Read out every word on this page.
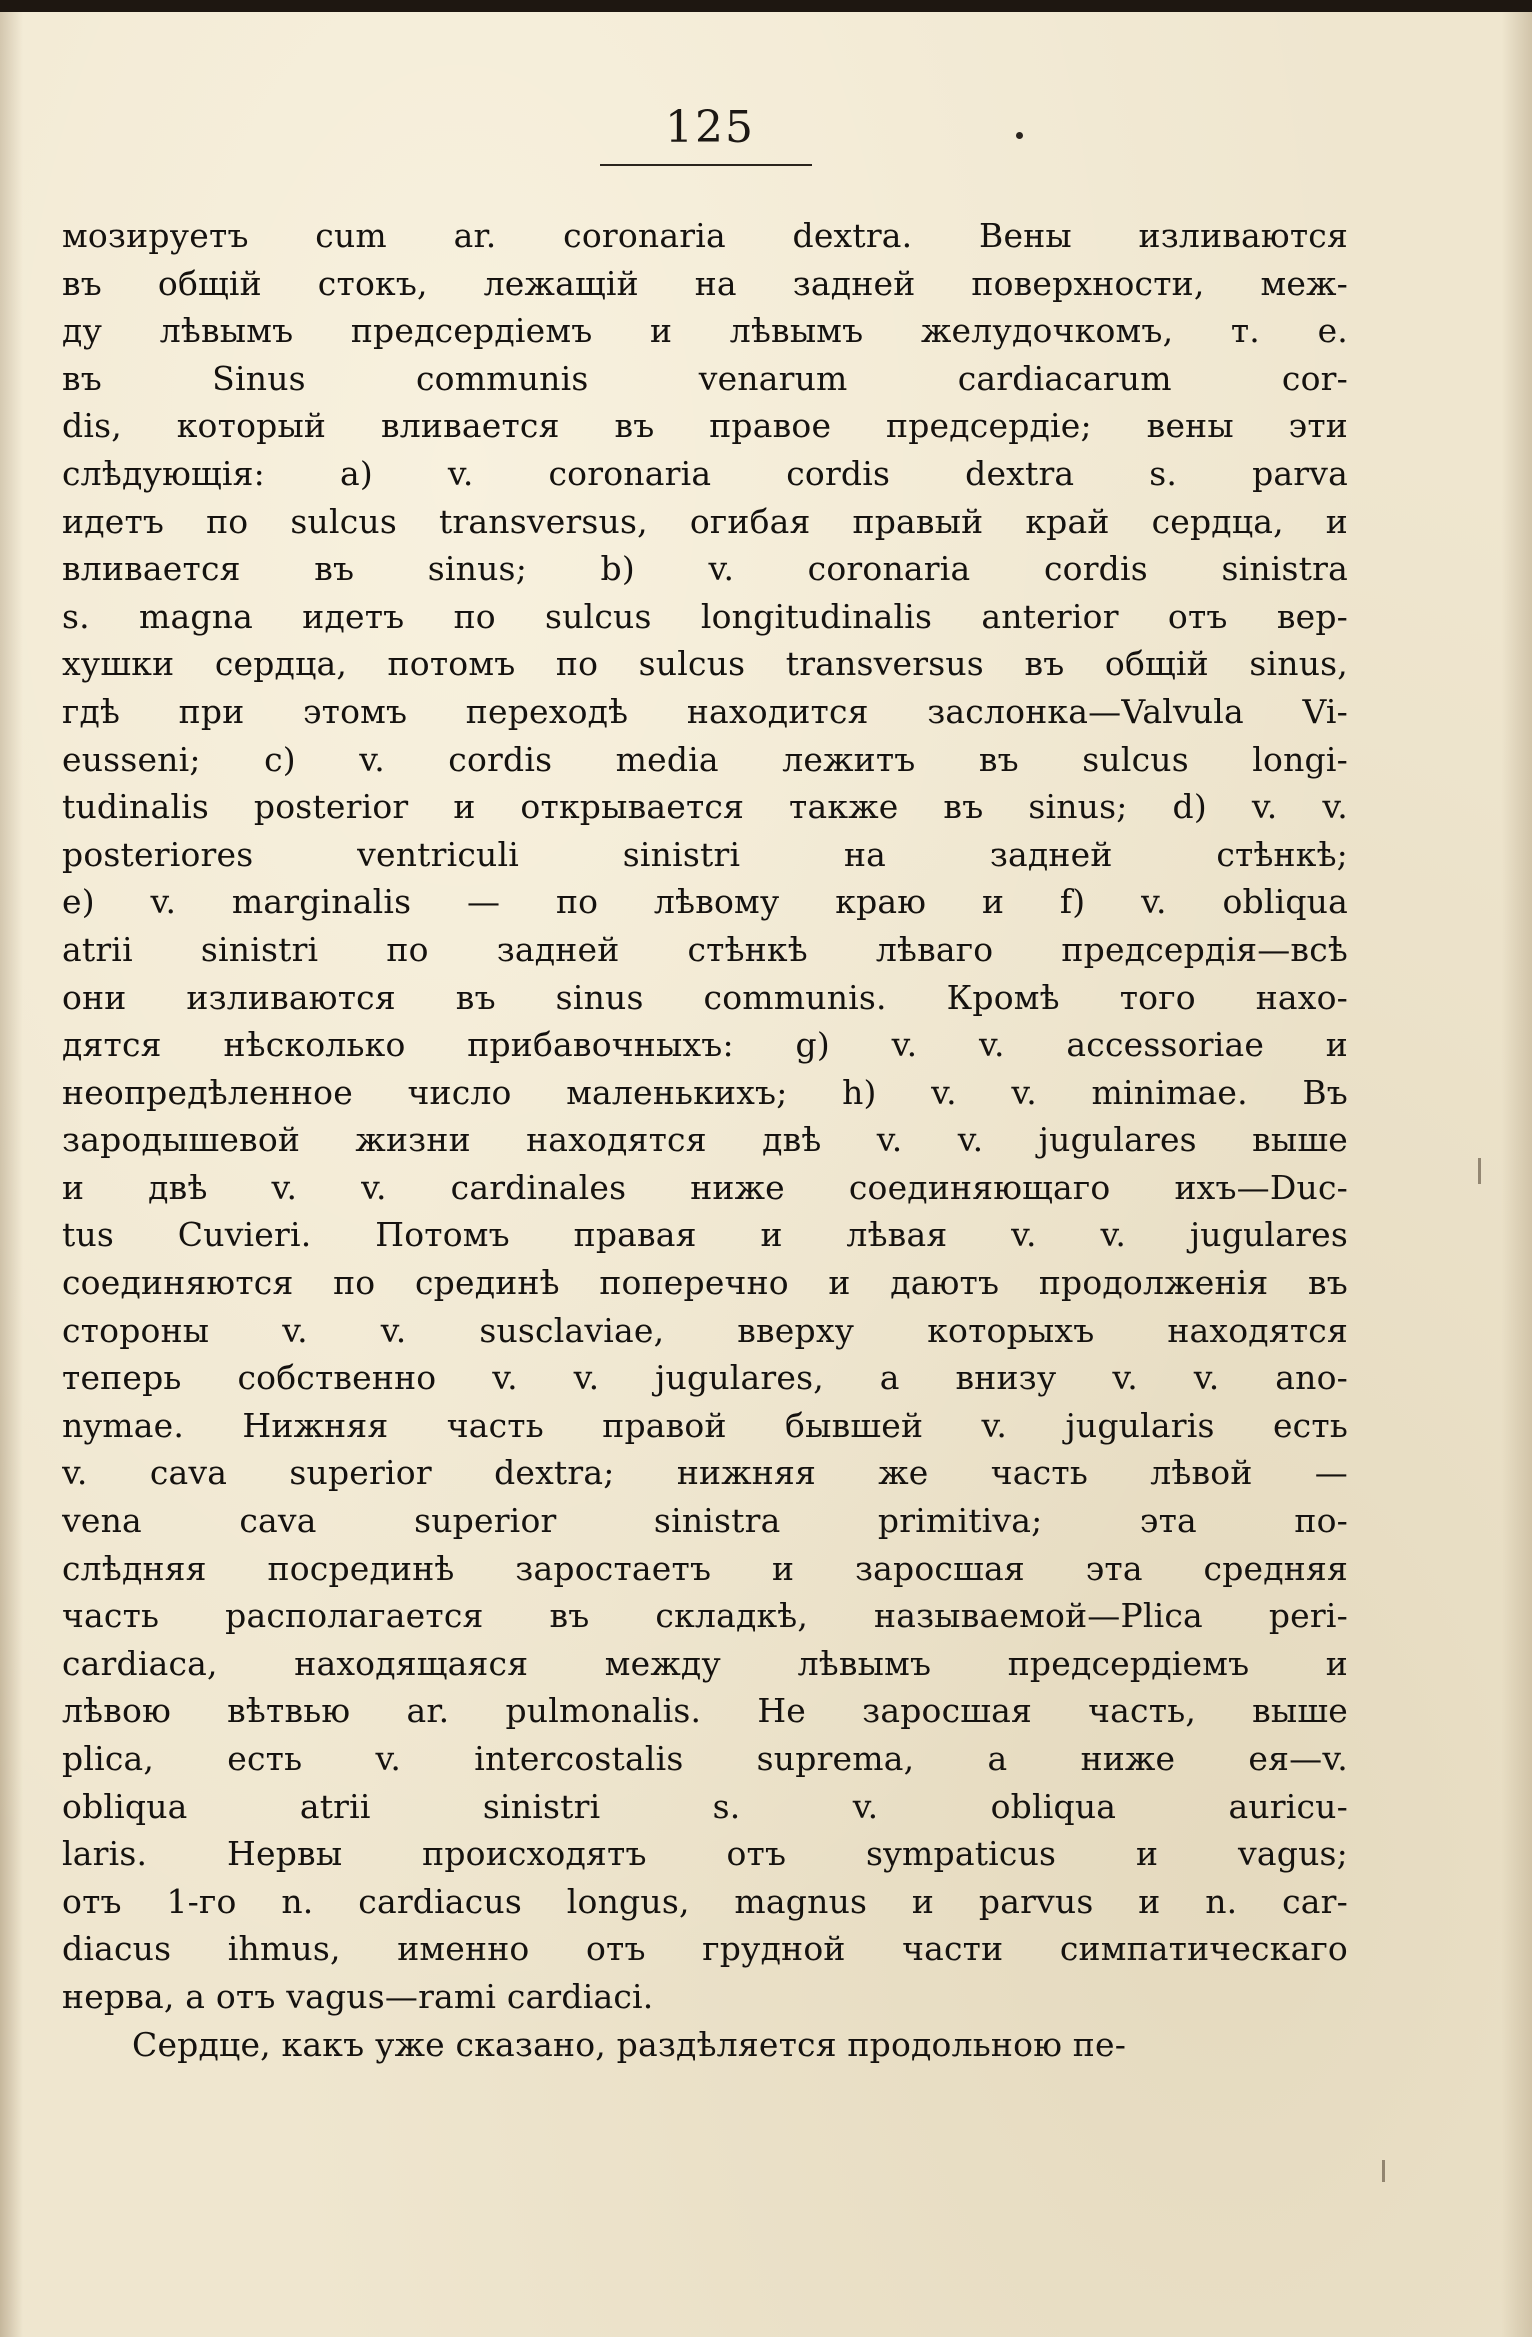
125
мозируетъ cum ar. coronaria dextra. Вены изливаются
въ общій стокъ, лежащій на задней поверхности, меж-
ду лѣвымъ предсердіемъ и лѣвымъ желудочкомъ, т. е.
въ Sinus communis venarum cardiacarum cor-
dis, который вливается въ правое предсердіе; вены эти
слѣдующія: a) v. coronaria cordis dextra s. parva
идетъ по sulcus transversus, огибая правый край сердца, и
вливается въ sinus; b) v. coronaria cordis sinistra
s. magna идетъ по sulcus longitudinalis anterior отъ вер-
хушки сердца, потомъ по sulcus transversus въ общій sinus,
гдѣ при этомъ переходѣ находится заслонка—Valvula Vi-
eusseni; c) v. cordis media лежитъ въ sulcus longi-
tudinalis posterior и открывается также въ sinus; d) v. v.
posteriores ventriculi sinistri на задней стѣнкѣ;
e) v. marginalis — по лѣвому краю и f) v. obliqua
atrii sinistri по задней стѣнкѣ лѣваго предсердія—всѣ
они изливаются въ sinus communis. Кромѣ того нахо-
дятся нѣсколько прибавочныхъ: g) v. v. accessoriae и
неопредѣленное число маленькихъ; h) v. v. minimae. Въ
зародышевой жизни находятся двѣ v. v. jugulares выше
и двѣ v. v. cardinales ниже соединяющаго ихъ—Duc-
tus Cuvieri. Потомъ правая и лѣвая v. v. jugulares
соединяются по срединѣ поперечно и даютъ продолженія въ
стороны v. v. susclaviae, вверху которыхъ находятся
теперь собственно v. v. jugulares, а внизу v. v. ano-
nymae. Нижняя часть правой бывшей v. jugularis есть
v. cava superior dextra; нижняя же часть лѣвой —
vena cava superior sinistra primitiva; эта по-
слѣдняя посрединѣ заростаетъ и заросшая эта средняя
часть располагается въ складкѣ, называемой—Plica peri-
cardiaca, находящаяся между лѣвымъ предсердіемъ и
лѣвою вѣтвью ar. pulmonalis. Не заросшая часть, выше
plica, есть v. intercostalis suprema, а ниже ея—v.
obliqua atrii sinistri s. v. obliqua auricu-
laris. Нервы происходятъ отъ sympaticus и vagus;
отъ 1-го n. cardiacus longus, magnus и parvus и n. car-
diacus ihmus, именно отъ грудной части симпатическаго
нерва, а отъ vagus—rami cardiaci.
Сердце, какъ уже сказано, раздѣляется продольною пе-
